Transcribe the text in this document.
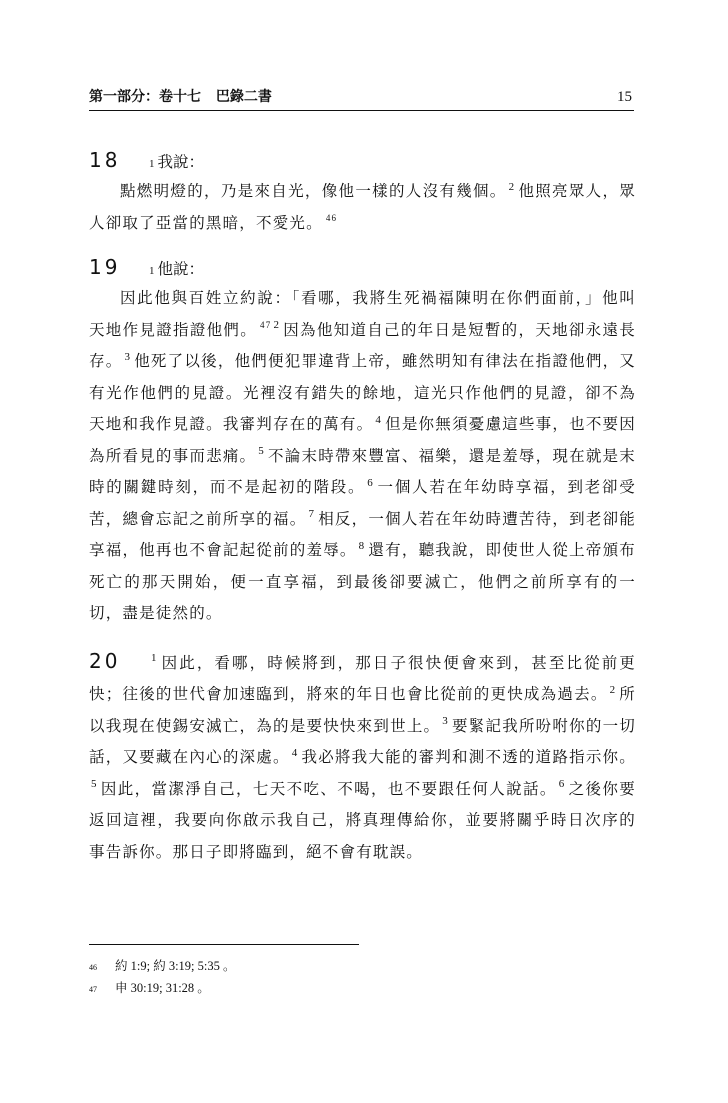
第一部分：卷十七 巴錄二書	15
18	1 我說：

點燃明燈的，乃是來自光，像他一樣的人沒有幾個。 $^2$ 他照亮眾人，眾人卻取了亞當的黑暗，不愛光。 $^{46}$

19	1 他說：

因此他與百姓立約說：「看哪，我將生死禍福陳明在你們面前，」他叫天地作見證指證他們。 $^{47}$ $^2$ 因為他知道自己的年日是短暫的，天地卻永遠長存。 $^3$ 他死了以後，他們便犯罪違背上帝，雖然明知有律法在指證他們，又有光作他們的見證。光裡沒有錯失的餘地，這光只作他們的見證，卻不為天地和我作見證。我審判存在的萬有。 $^4$ 但是你無須憂慮這些事，也不要因為所看見的事而悲痛。 $^5$ 不論末時帶來豐富、福樂，還是羞辱，現在就是末時的關鍵時刻，而不是起初的階段。 $^6$ 一個人若在年幼時享福，到老卻受苦，總會忘記之前所享的福。 $^7$ 相反，一個人若在年幼時遭苦待，到老卻能享福，他再也不會記起從前的羞辱。 $^8$ 還有，聽我說，即使世人從上帝頒布死亡的那天開始，便一直享福，到最後卻要滅亡，他們之前所享有的一切，盡是徒然的。

20	$^1$ 因此，看哪，時候將到，那日子很快便會來到，甚至比從前更快；往後的世代會加速臨到，將來的年日也會比從前的更快成為過去。 $^2$ 所以我現在使錫安滅亡，為的是要快快來到世上。 $^3$ 要緊記我所吩咐你的一切話，又要藏在內心的深處。 $^4$ 我必將我大能的審判和測不透的道路指示你。$^5$ 因此，當潔淨自己，七天不吃、不喝，也不要跟任何人說話。 $^6$ 之後你要返回這裡，我要向你啟示我自己，將真理傳給你，並要將關乎時日次序的事告訴你。那日子即將臨到，絕不會有耽誤。

46	約 1:9; 約 3:19; 5:35 。
47	申 30:19; 31:28 。
